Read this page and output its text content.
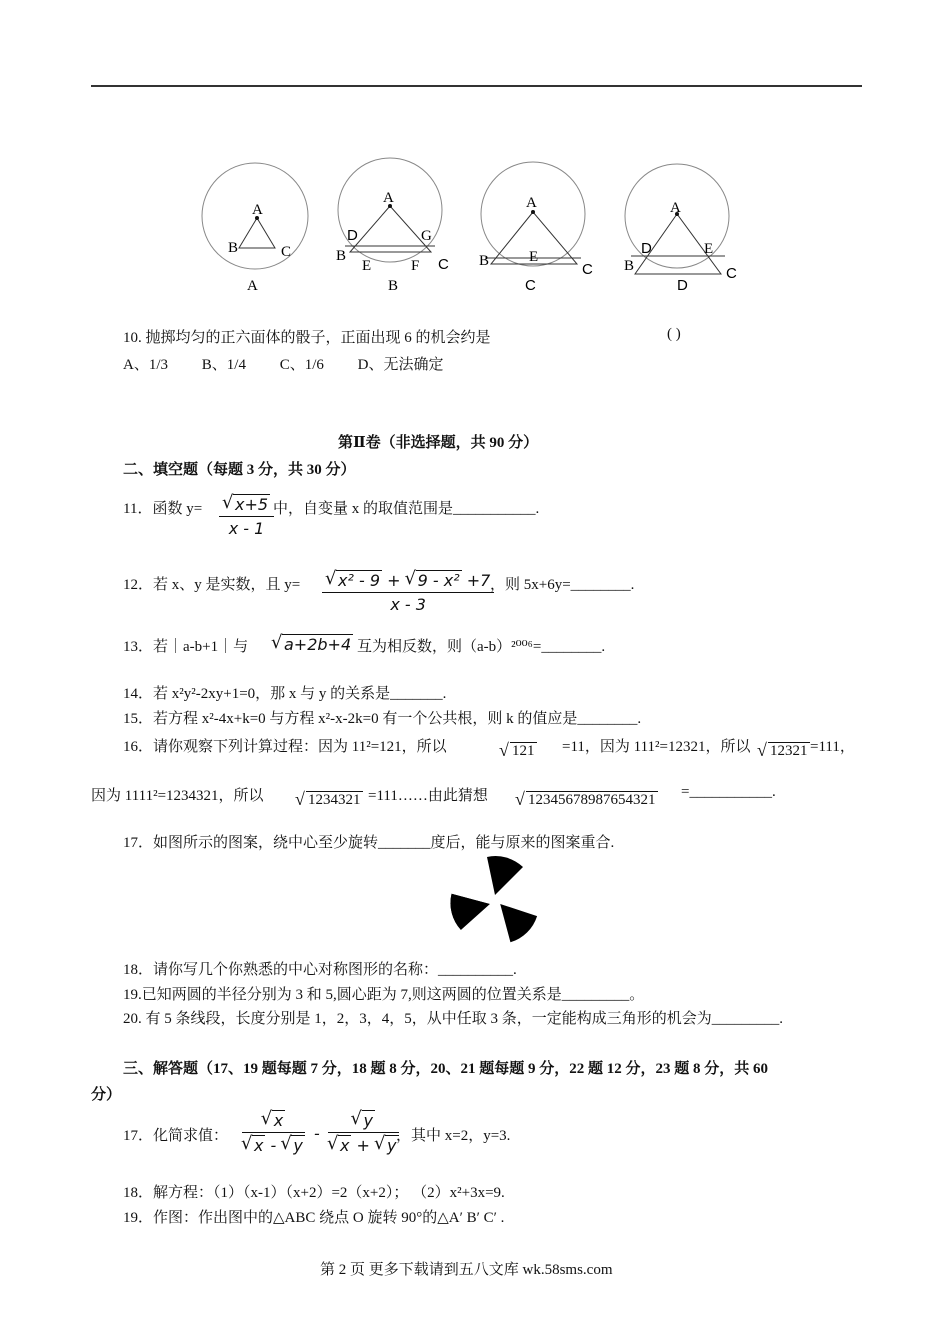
A
B	C
A
A
D	G
B
E	F C
B
A
E
B	C
C
A
D	E
B	C
D
10. 抛掷均匀的正六面体的骰子，正面出现 6 的机会约是	( )
A、1/3 B、1/4 C、1/6 D、无法确定
第Ⅱ卷（非选择题，共 90 分）
二、填空题（每题 3 分，共 30 分）
11．函数 y= √ $\frac{x+5}{x - 1}$
中，自变量 x 的取值范围是___________.
12．若 x、y 是实数，且 y= √ $\frac{\text{x² - 9 + √ 9 - x² +7}}{x - 3}$
，则 5x+6y=________.
13．若｜a-b+1｜与	√ a+2b+4 互为相反数，则（a-b）²⁰⁰⁶=________.
14．若 x²y²-2xy+1=0，那 x 与 y 的关系是_______.
15．若方程 x²-4x+k=0 与方程 x²-x-2k=0 有一个公共根，则 k 的值应是________.
16．请你观察下列计算过程：因为 11²=121，所以	√ 121 =11，因为 111²=12321，所以	√ 12321 =111，
因为 1111²=1234321，所以	√ 1234321 =111……由此猜想	√ 12345678987654321 =___________.
17．如图所示的图案，绕中心至少旋转_______度后，能与原来的图案重合.
18．请你写几个你熟悉的中心对称图形的名称：__________.
19.已知两圆的半径分别为 3 和 5,圆心距为 7,则这两圆的位置关系是_________。
20. 有 5 条线段，长度分别是 1，2，3，4，5，从中任取 3 条，一定能构成三角形的机会为_________.
三、解答题（17、19 题每题 7 分，18 题 8 分，20、21 题每题 9 分，22 题 12 分，23 题 8 分，共 60
分）
17．化简求值： √ x
√ x - √ y - √ y
√ x + √ y
，其中 x=2，y=3.
18．解方程：（1）（x-1）（x+2）=2（x+2）； （2）x²+3x=9.
19．作图：作出图中的△ABC 绕点 O 旋转 90°的△A′ B′ C′ .
第 2 页 更多下载请到五八文库 wk.58sms.com
